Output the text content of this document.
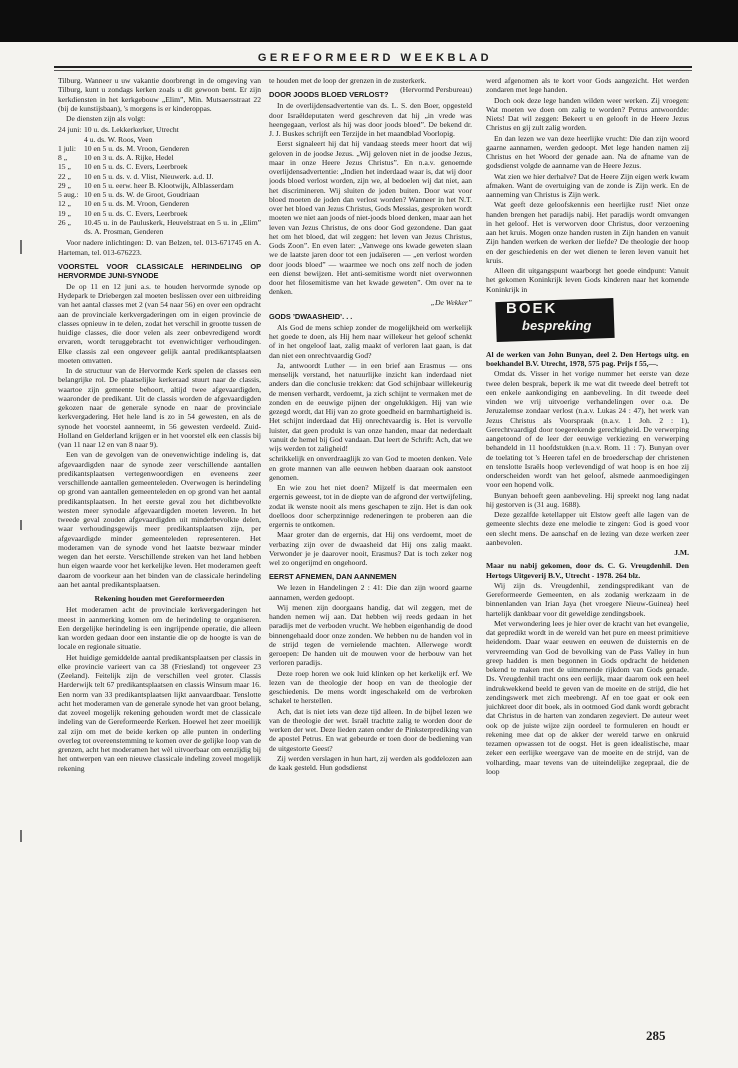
GEREFORMEERD WEEKBLAD

Tilburg. Wanneer u uw vakantie doorbrengt in de omgeving van Tilburg, kunt u zondags kerken zoals u dit gewoon bent. Er zijn kerkdiensten in het kerkgebouw „Elim”, Min. Mutsaersstraat 22 (bij de kunstijsbaan), 's morgens is er kinderoppas.

De diensten zijn als volgt:

24 juni: 10 u. ds. Lekkerkerker, Utrecht
4 u. ds. W. Roos, Veen
1 juli:	10 en 5 u. ds. M. Vroon, Genderen
8 „	10 en 3 u. ds. A. Rijke, Hedel
15 „	10 en 5 u. ds. C. Evers, Leerbroek
22 „	10 en 5 u. ds. v. d. Vlist, Nieuwerk. a.d. IJ.
29 „	10 en 5 u. eerw. heer B. Klootwijk, Alblasserdam
5 aug.: 10 en 5 u. ds. W. de Groot, Goudriaan
12 „	10 en 5 u. ds. M. Vroon, Genderen
19 „	10 en 5 u. ds. C. Evers, Leerbroek
26 „	10.45 u. in de Pauluskerk, Heuvelstraat en 5 u. in „Elim” ds. A. Prosman, Genderen

Voor nadere inlichtingen: D. van Belzen, tel. 013-671745 en A. Harteman, tel. 013-676223.

VOORSTEL VOOR CLASSICALE HERINDELING OP HERVORMDE JUNI-SYNODE

De op 11 en 12 juni a.s. te houden hervormde synode op Hydepark te Driebergen zal moeten beslissen over een uitbreiding van het aantal classes met 2 (van 54 naar 56) en over een opdracht aan de provinciale kerkvergaderingen om in eigen provincie de classes opnieuw in te delen, zodat het verschil in grootte tussen de huidige classes, die door velen als zeer onbevredigend wordt ervaren, wordt teruggebracht tot evenwichtiger verhoudingen. Elke classis zal een ongeveer gelijk aantal predikantsplaatsen moeten omvatten.

In de structuur van de Hervormde Kerk spelen de classes een belangrijke rol. De plaatselijke kerkeraad stuurt naar de classis, waartoe zijn gemeente behoort, altijd twee afgevaardigden, waaronder de predikant. Uit de classis worden de afgevaardigden gekozen naar de generale synode en naar de provinciale kerkvergadering. Het hele land is zo in 54 gewesten, en als de synode het voorstel aanneemt, in 56 gewesten verdeeld. Zuid-Holland en Gelderland krijgen er in het voorstel elk een classis bij (van 11 naar 12 en van 8 naar 9).

Een van de gevolgen van de onevenwichtige indeling is, dat afgevaardigden naar de synode zeer verschillende aantallen predikantsplaatsen vertegenwoordigen en eveneens zeer verschillende aantallen gemeenteleden. Overwogen is herindeling op grond van aantallen gemeenteleden en op grond van het aantal predikantsplaatsen. In het eerste geval zou het dichtbevolkte westen meer synodale afgevaardigden moeten leveren. In het tweede geval zouden afgevaardigden uit minderbevolkte delen, waar verhoudingsgewijs meer predikantsplaatsen zijn, per afgevaardigde minder gemeenteleden representeren. Het moderamen van de synode vond het laatste bezwaar minder wegen dan het eerste. Verschillende streken van het land hebben hun eigen waarde voor het kerkelijke leven. Het moderamen geeft daarom de voorkeur aan het binden van de classicale herindeling aan het aantal predikantsplaatsen.

Rekening houden met Gereformeerden

Het moderamen acht de provinciale kerkvergaderingen het meest in aanmerking komen om de herindeling te organiseren. Een dergelijke herindeling is een ingrijpende operatie, die alleen kan worden gedaan door een instantie die op de hoogte is van de locale en regionale situatie.

Het huidige gemiddelde aantal predikantsplaatsen per classis in elke provincie varieert van ca 38 (Friesland) tot ongeveer 23 (Zeeland). Feitelijk zijn de verschillen veel groter. Classis Harderwijk telt 67 predikantsplaatsen en classis Winsum maar 16. Een norm van 33 predikantsplaatsen lijkt aanvaardbaar. Tenslotte acht het moderamen van de generale synode het van groot belang, dat zoveel mogelijk rekening gehouden wordt met de classicale indeling van de Gereformeerde Kerken. Hoewel het zeer moeilijk zal zijn om met de beide kerken op alle punten in onderling overleg tot overeenstemming te komen over de gelijke loop van de grenzen, acht het moderamen het wèl uitvoerbaar om eenzijdig bij het ontwerpen van een nieuwe classicale indeling zoveel mogelijk rekening

te houden met de loop der grenzen in de zusterkerk.
(Hervormd Persbureau)

DOOR JOODS BLOED VERLOST?

In de overlijdensadvertentie van ds. L. S. den Boer, opgesteld door Israëldeputaten werd geschreven dat hij „in vrede was heengegaan, verlost als hij was door joods bloed”. De bekend dr. J. J. Buskes schrijft een Terzijde in het maandblad Voorlopig.

Eerst signaleert hij dat hij vandaag steeds meer hoort dat wij geloven in de joodse Jezus. „Wij geloven niet in de joodse Jezus, maar in onze Heere Jezus Christus”. En n.a.v. genoemde overlijdensadvertentie: „Indien het inderdaad waar is, dat wij door joods bloed verlost worden, zijn we, al bedoelen wij dat niet, aan het discrimineren. Wij sluiten de joden buiten. Door wat voor bloed moeten de joden dan verlost worden? Wanneer in het N.T. over het bloed van Jezus Christus, Gods Messias, gesproken wordt moeten we niet aan joods of niet-joods bloed denken, maar aan het leven van Jezus Christus, de ons door God gezondene. Dan gaat het om het bloed, dat wil zeggen: het leven van Jezus Christus, Gods Zoon”. En even later: „Vanwege ons kwade geweten slaan we de laatste jaren door tot een judaïseren — „en verlost worden door joods bloed” — waarmee we noch ons zelf noch de joden een dienst bewijzen. Het anti-semitisme wordt niet overwonnen door het filosemitisme van het kwade geweten”. Om over na te denken.

„De Wekker”

GODS ’DWAASHEID’. . .

Als God de mens schiep zonder de mogelijkheid om werkelijk het goede te doen, als Hij hem naar willekeur het geloof schenkt of in het ongeloof laat, zalig maakt of verloren laat gaan, is dat dan niet een onrechtvaardig God?

Ja, antwoordt Luther — in een brief aan Erasmus — ons menselijk verstand, het natuurlijke inzicht kan inderdaad niet anders dan die conclusie trekken: dat God schijnbaar willekeurig de mensen verhardt, verdoemt, ja zich schijnt te vermaken met de zonden en de eeuwige pijnen der ongelukkigen. Hij van wie gezegd wordt, dat Hij van zo grote goedheid en barmhartigheid is. Het schijnt inderdaad dat Hij onrechtvaardig is. Het is vervolle luister, dat geen produkt is van onze handen, maar dat nederdaalt vanuit de hemel bij God vandaan. Dat leert de Schrift: Ach, dat we wijs werden tot zaligheid!

schrikkelijk en onverdraaglijk zo van God te moeten denken. Vele en grote mannen van alle eeuwen hebben daaraan ook aanstoot genomen.

En wie zou het niet doen? Mijzelf is dat meermalen een ergernis geweest, tot in de diepte van de afgrond der vertwijfeling, zodat ik wenste nooit als mens geschapen te zijn. Het is dan ook doelloos door scherpzinnige redeneringen te proberen aan die ergernis te ontkomen.

Maar groter dan de ergernis, dat Hij ons verdoemt, moet de verbazing zijn over de dwaasheid dat Hij ons zalig maakt. Verwonder je je daarover nooit, Erasmus? Dat is toch zeker nog wel zo ongerijmd en ongehoord.

EERST AFNEMEN, DAN AANNEMEN

We lezen in Handelingen 2 : 41: Die dan zijn woord gaarne aannamen, werden gedoopt.

Wij menen zijn doorgaans handig, dat wil zeggen, met de handen nemen wij aan. Dat hebben wij reeds gedaan in het paradijs met de verboden vrucht. We hebben eigenhandig de dood binnengehaald door onze zonden. We hebben nu de handen vol in de strijd tegen de vernielende machten. Allerwege wordt geroepen: De handen uit de mouwen voor de herbouw van het verloren paradijs.

Deze roep horen we ook luid klinken op het kerkelijk erf. We lezen van de theologie der hoop en van de theologie der geschiedenis. De mens wordt ingeschakeld om de verbroken schakel te herstellen.

Ach, dat is niet iets van deze tijd alleen. In de bijbel lezen we van de theologie der wet. Israël trachtte zalig te worden door de werken der wet. Deze lieden zaten onder de Pinksterprediking van de apostel Petrus. En wat gebeurde er toen door de bediening van de uitgestorte Geest?

Zij werden verslagen in hun hart, zij werden als goddelozen aan de kaak gesteld. Hun godsdienst

werd afgenomen als te kort voor Gods aangezicht. Het werden zondaren met lege handen.

Doch ook deze lege handen wilden weer werken. Zij vroegen: Wat moeten we doen om zalig te worden? Petrus antwoordde: Niets! Dat wil zeggen: Bekeert u en gelooft in de Heere Jezus Christus en gij zult zalig worden.

En dan lezen we van deze heerlijke vrucht: Die dan zijn woord gaarne aannamen, werden gedoopt. Met lege handen namen zij Christus en het Woord der genade aan. Na de afname van de godsdienst volgde de aanname van de Heere Jezus.

Wat zien we hier derhalve? Dat de Heere Zijn eigen werk kwam afmaken. Want de overtuiging van de zonde is Zijn werk. En de aanneming van Christus is Zijn werk.

Wat geeft deze geloofskennis een heerlijke rust! Niet onze handen brengen het paradijs nabij. Het paradijs wordt omvangen in het geloof. Het is verworven door Christus, door verzoening aan het kruis. Mogen onze handen rusten in Zijn handen en vanuit Zijn handen werken de werken der liefde? De theologie der hoop en der geschiedenis en der wet dienen te leren leven vanuit het kruis.

Alleen dit uitgangspunt waarborgt het goede eindpunt: Vanuit het gekomen Koninkrijk leven Gods kinderen naar het komende Koninkrijk in

BOEK
bespreking

Al de werken van John Bunyan, deel 2. Den Hertogs uitg. en boekhandel B.V. Utrecht, 1978, 575 pag. Prijs f 55,—.

Omdat ds. Visser in het vorige nummer het eerste van deze twee delen besprak, beperk ik me wat dit tweede deel betreft tot een enkele aankondiging en aanbeveling. In dit tweede deel vinden we vrij uitvoerige verhandelingen over o.a. De Jeruzalemse zondaar verlost (n.a.v. Lukas 24 : 47), het werk van Jezus Christus als Voorspraak (n.a.v. 1 Joh. 2 : 1), Gerechtvaardigd door toegerekende gerechtigheid. De verwerping aangetoond of de leer der eeuwige verkiezing en verwerping behandeld in 11 hoofdstukken (n.a.v. Rom. 11 : 7). Bunyan over de toelating tot 's Heeren tafel en de broederschap der christenen en tenslotte Israëls hoop verlevendigd of wat hoop is en hoe zij onderscheiden wordt van het geloof, alsmede aanmoedigingen voor een hopend volk.

Bunyan behoeft geen aanbeveling. Hij spreekt nog lang nadat hij gestorven is (31 aug. 1688).

Deze gezalfde ketellapper uit Elstow geeft alle lagen van de gemeente slechts deze ene melodie te zingen: God is goed voor een slecht mens. De aanschaf en de lezing van deze werken zeer aanbevolen.

J.M.

Maar nu nabij gekomen, door ds. C. G. Vreugdenhil. Den Hertogs Uitgeverij B.V., Utrecht - 1978. 264 blz.

Wij zijn ds. Vreugdenhil, zendingspredikant van de Gereformeerde Gemeenten, en als zodanig werkzaam in de binnenlanden van Irian Jaya (het vroegere Nieuw-Guinea) heel hartelijk dankbaar voor dit geweldige zendingsboek.

Met verwondering lees je hier over de kracht van het evangelie, dat gepredikt wordt in de wereld van het pure en meest primitieve heidendom. Daar waar eeuwen en eeuwen de duisternis en de vervreemding van God de bevolking van de Pass Valley in hun greep hadden is men begonnen in Gods opdracht de heidenen bekend te maken met de uitnemende rijkdom van Gods genade. Ds. Vreugdenhil tracht ons een eerlijk, maar daarom ook een heel indrukwekkend beeld te geven van de moeite en de strijd, die het zendingswerk met zich meebrengt. Af en toe gaat er ook een juichkreet door dit boek, als in ootmoed God dank wordt gebracht dat Christus in de harten van zondaren zegeviert. De auteur weet ook op de juiste wijze zijn oordeel te formuleren en houdt er rekening mee dat op de akker der wereld tarwe en onkruid tezamen opwassen tot de oogst. Het is geen idealistische, maar zeker een eerlijke weergave van de moeite en de strijd, van de volharding, maar tevens van de uiteindelijke zegepraal, die de loop

285
